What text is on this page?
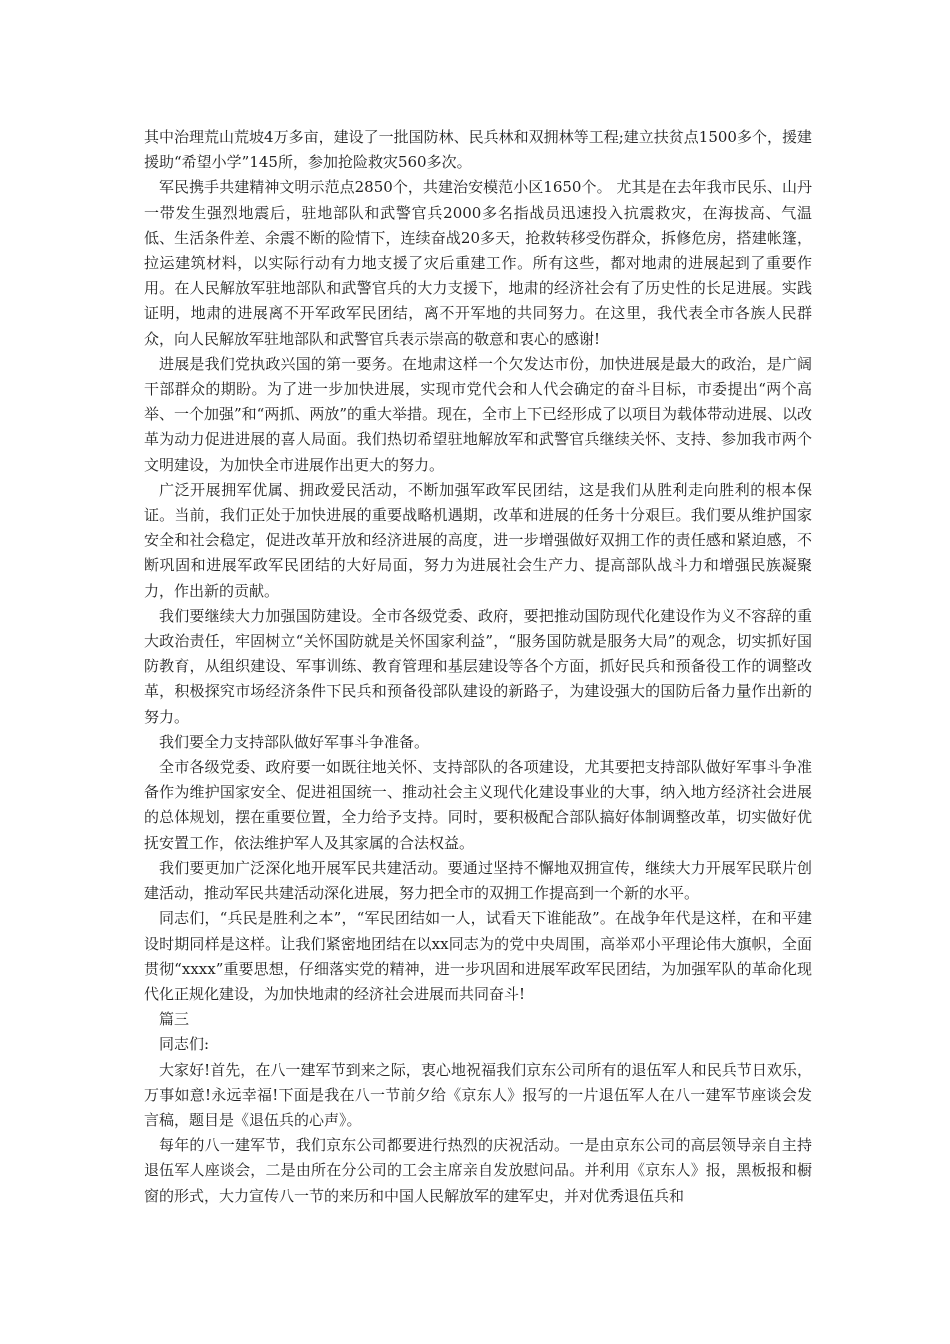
其中治理荒山荒坡4万多亩，建设了一批国防林、民兵林和双拥林等工程;建立扶贫点1500多个，援建援助“希望小学”145所，参加抢险救灾560多次。

军民携手共建精神文明示范点2850个，共建治安模范小区1650个。 尤其是在去年我市民乐、山丹一带发生强烈地震后，驻地部队和武警官兵2000多名指战员迅速投入抗震救灾，在海拔高、气温低、生活条件差、余震不断的险情下，连续奋战20多天，抢救转移受伤群众，拆修危房，搭建帐篷，拉运建筑材料，以实际行动有力地支援了灾后重建工作。所有这些，都对地肃的进展起到了重要作用。在人民解放军驻地部队和武警官兵的大力支援下，地肃的经济社会有了历史性的长足进展。实践证明，地肃的进展离不开军政军民团结，离不开军地的共同努力。在这里，我代表全市各族人民群众，向人民解放军驻地部队和武警官兵表示崇高的敬意和衷心的感谢!

进展是我们党执政兴国的第一要务。在地肃这样一个欠发达市份，加快进展是最大的政治，是广阔干部群众的期盼。为了进一步加快进展，实现市党代会和人代会确定的奋斗目标，市委提出“两个高举、一个加强”和“两抓、两放”的重大举措。现在，全市上下已经形成了以项目为载体带动进展、以改革为动力促进进展的喜人局面。我们热切希望驻地解放军和武警官兵继续关怀、支持、参加我市两个文明建设，为加快全市进展作出更大的努力。

广泛开展拥军优属、拥政爱民活动，不断加强军政军民团结，这是我们从胜利走向胜利的根本保证。当前，我们正处于加快进展的重要战略机遇期，改革和进展的任务十分艰巨。我们要从维护国家安全和社会稳定，促进改革开放和经济进展的高度，进一步增强做好双拥工作的责任感和紧迫感，不断巩固和进展军政军民团结的大好局面，努力为进展社会生产力、提高部队战斗力和增强民族凝聚力，作出新的贡献。

我们要继续大力加强国防建设。全市各级党委、政府，要把推动国防现代化建设作为义不容辞的重大政治责任，牢固树立“关怀国防就是关怀国家利益”，“服务国防就是服务大局”的观念，切实抓好国防教育，从组织建设、军事训练、教育管理和基层建设等各个方面，抓好民兵和预备役工作的调整改革，积极探究市场经济条件下民兵和预备役部队建设的新路子，为建设强大的国防后备力量作出新的努力。

我们要全力支持部队做好军事斗争准备。

全市各级党委、政府要一如既往地关怀、支持部队的各项建设，尤其要把支持部队做好军事斗争准备作为维护国家安全、促进祖国统一、推动社会主义现代化建设事业的大事，纳入地方经济社会进展的总体规划，摆在重要位置，全力给予支持。同时，要积极配合部队搞好体制调整改革，切实做好优抚安置工作，依法维护军人及其家属的合法权益。

我们要更加广泛深化地开展军民共建活动。要通过坚持不懈地双拥宣传，继续大力开展军民联片创建活动，推动军民共建活动深化进展，努力把全市的双拥工作提高到一个新的水平。

同志们，“兵民是胜利之本”，“军民团结如一人，试看天下谁能敌”。在战争年代是这样，在和平建设时期同样是这样。让我们紧密地团结在以xx同志为的党中央周围，高举邓小平理论伟大旗帜，全面贯彻“xxxx”重要思想，仔细落实党的精神，进一步巩固和进展军政军民团结，为加强军队的革命化现代化正规化建设，为加快地肃的经济社会进展而共同奋斗!

篇三

同志们:

大家好!首先，在八一建军节到来之际，衷心地祝福我们京东公司所有的退伍军人和民兵节日欢乐，万事如意!永远幸福!下面是我在八一节前夕给《京东人》报写的一片退伍军人在八一建军节座谈会发言稿，题目是《退伍兵的心声》。

每年的八一建军节，我们京东公司都要进行热烈的庆祝活动。一是由京东公司的高层领导亲自主持退伍军人座谈会，二是由所在分公司的工会主席亲自发放慰问品。并利用《京东人》报，黑板报和橱窗的形式，大力宣传八一节的来历和中国人民解放军的建军史，并对优秀退伍兵和
